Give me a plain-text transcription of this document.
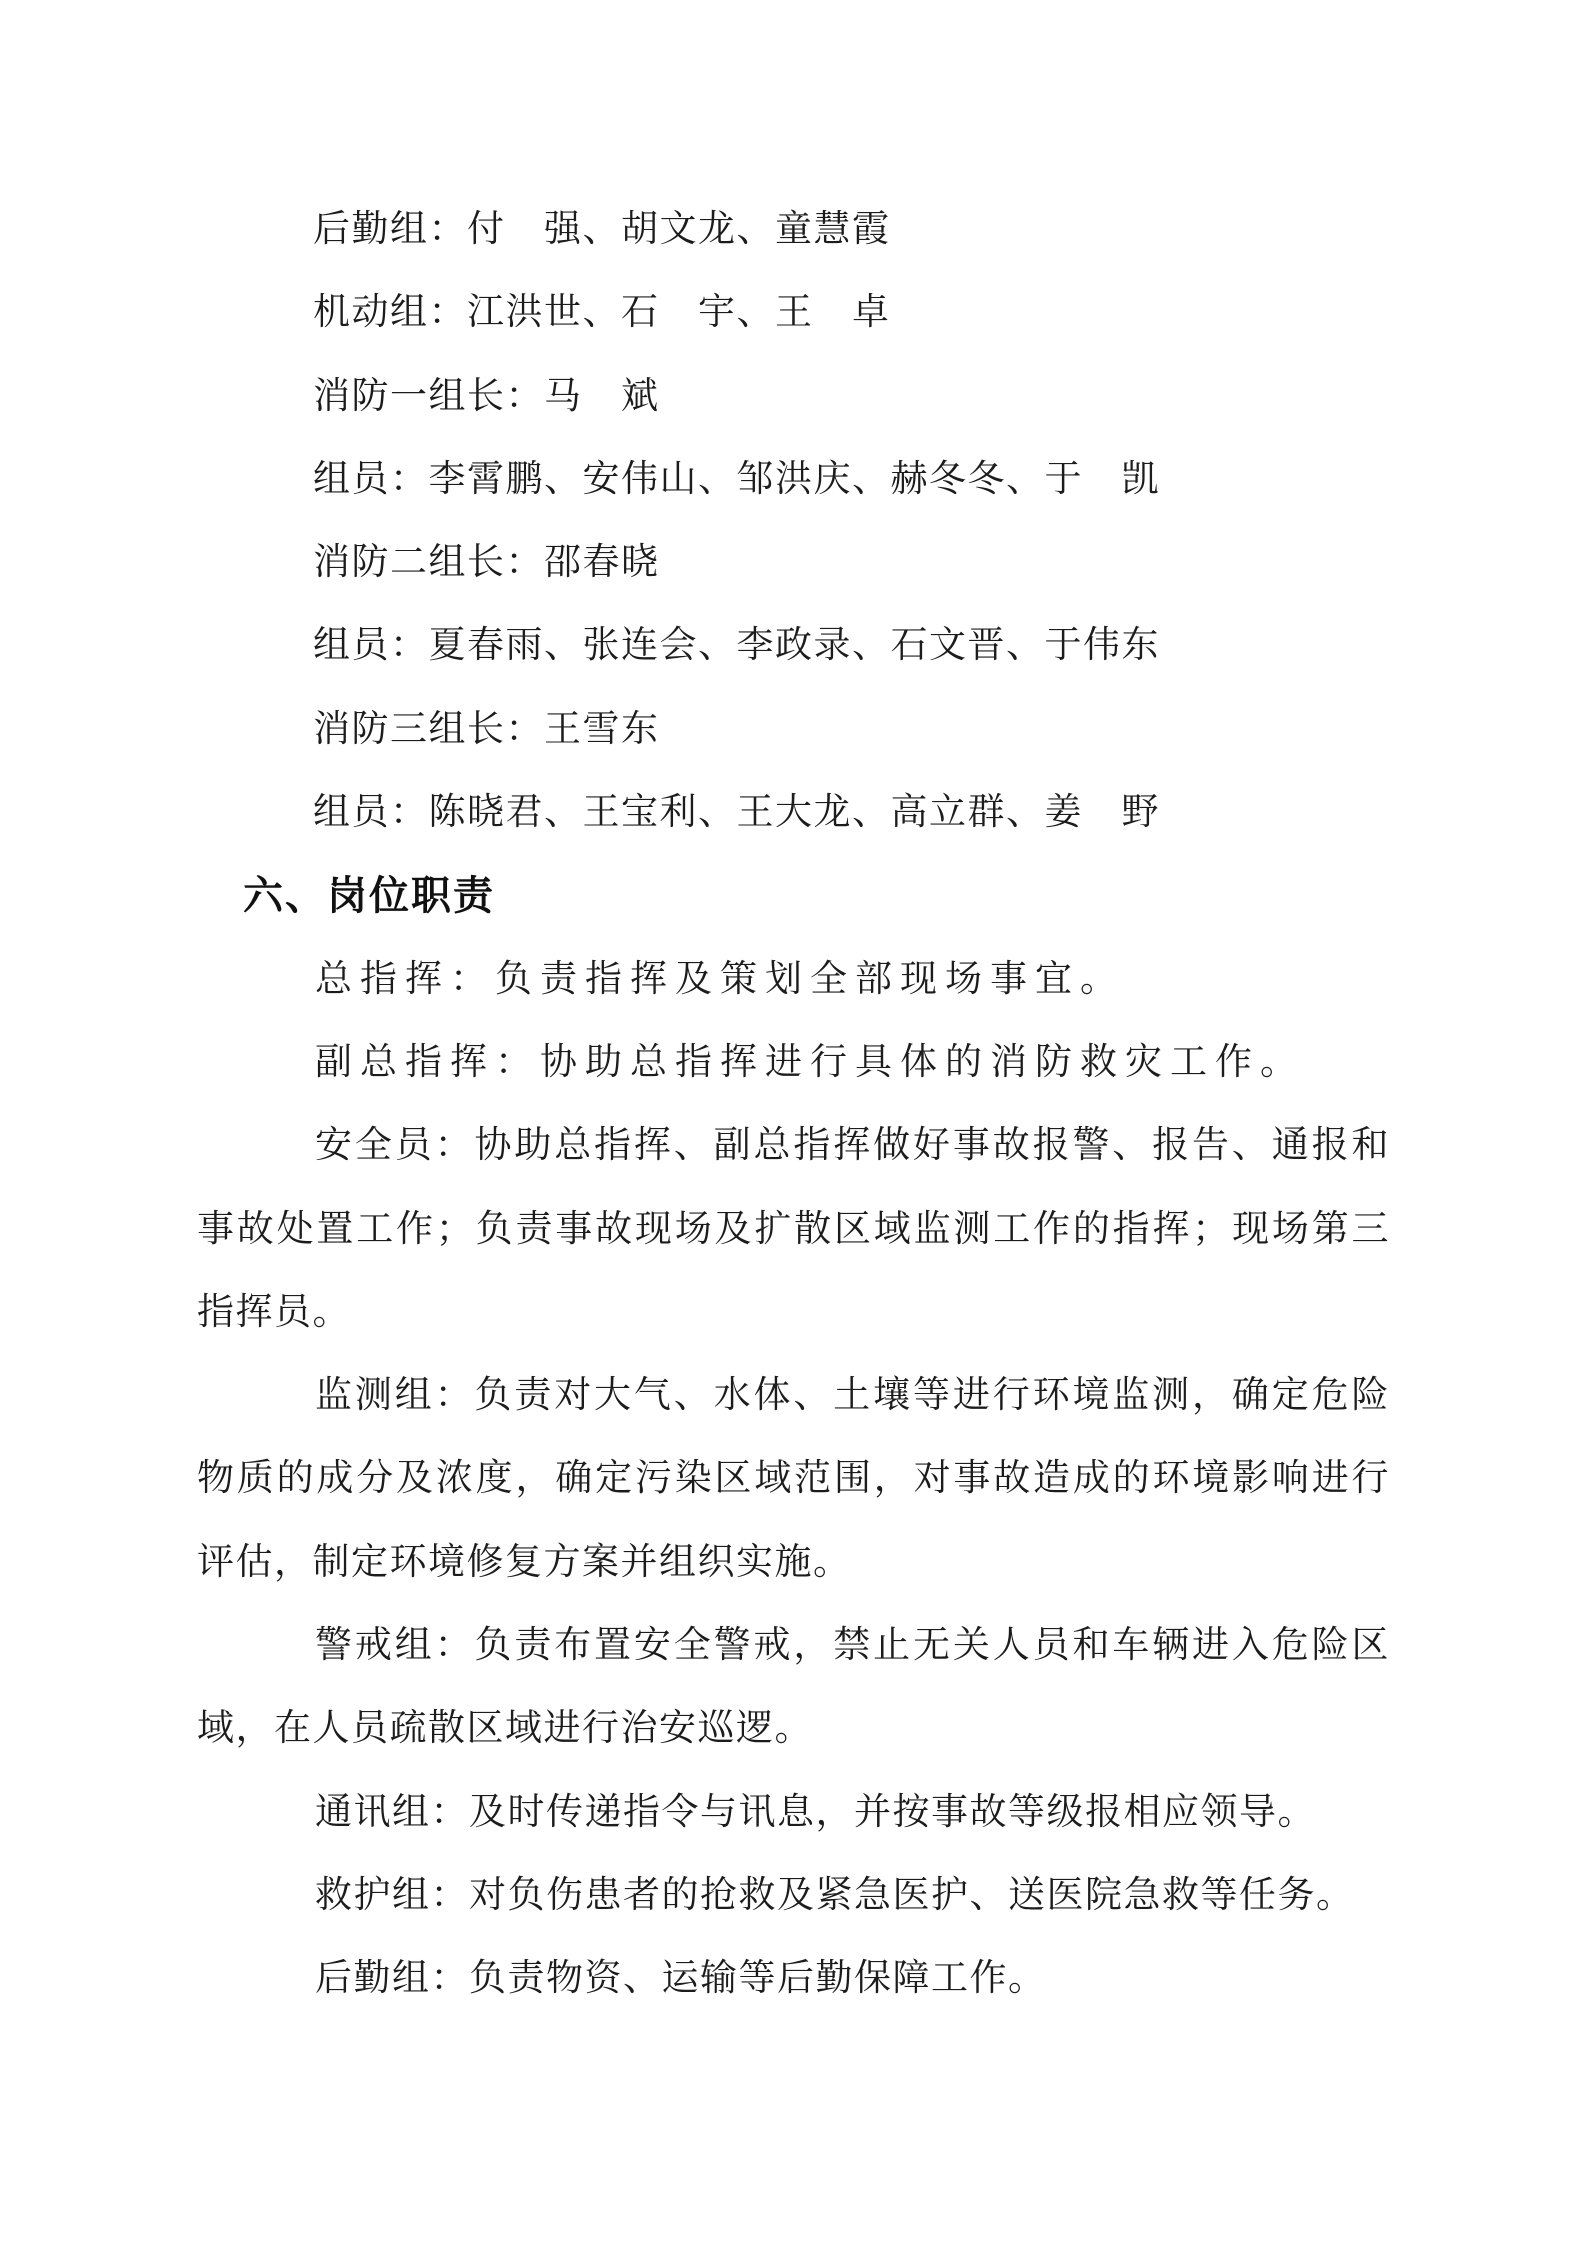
后勤组：付　强、胡文龙、童慧霞

机动组：江洪世、石　宇、王　卓

消防一组长：马　斌

组员：李霄鹏、安伟山、邹洪庆、赫冬冬、于　凯

消防二组长：邵春晓

组员：夏春雨、张连会、李政录、石文晋、于伟东

消防三组长：王雪东

组员：陈晓君、王宝利、王大龙、高立群、姜　野

六、岗位职责

总指挥：负责指挥及策划全部现场事宜。

副总指挥：协助总指挥进行具体的消防救灾工作。

安全员：协助总指挥、副总指挥做好事故报警、报告、通报和事故处置工作；负责事故现场及扩散区域监测工作的指挥；现场第三指挥员。

监测组：负责对大气、水体、土壤等进行环境监测，确定危险物质的成分及浓度，确定污染区域范围，对事故造成的环境影响进行评估，制定环境修复方案并组织实施。

警戒组：负责布置安全警戒，禁止无关人员和车辆进入危险区域，在人员疏散区域进行治安巡逻。

通讯组：及时传递指令与讯息，并按事故等级报相应领导。

救护组：对负伤患者的抢救及紧急医护、送医院急救等任务。

后勤组：负责物资、运输等后勤保障工作。
